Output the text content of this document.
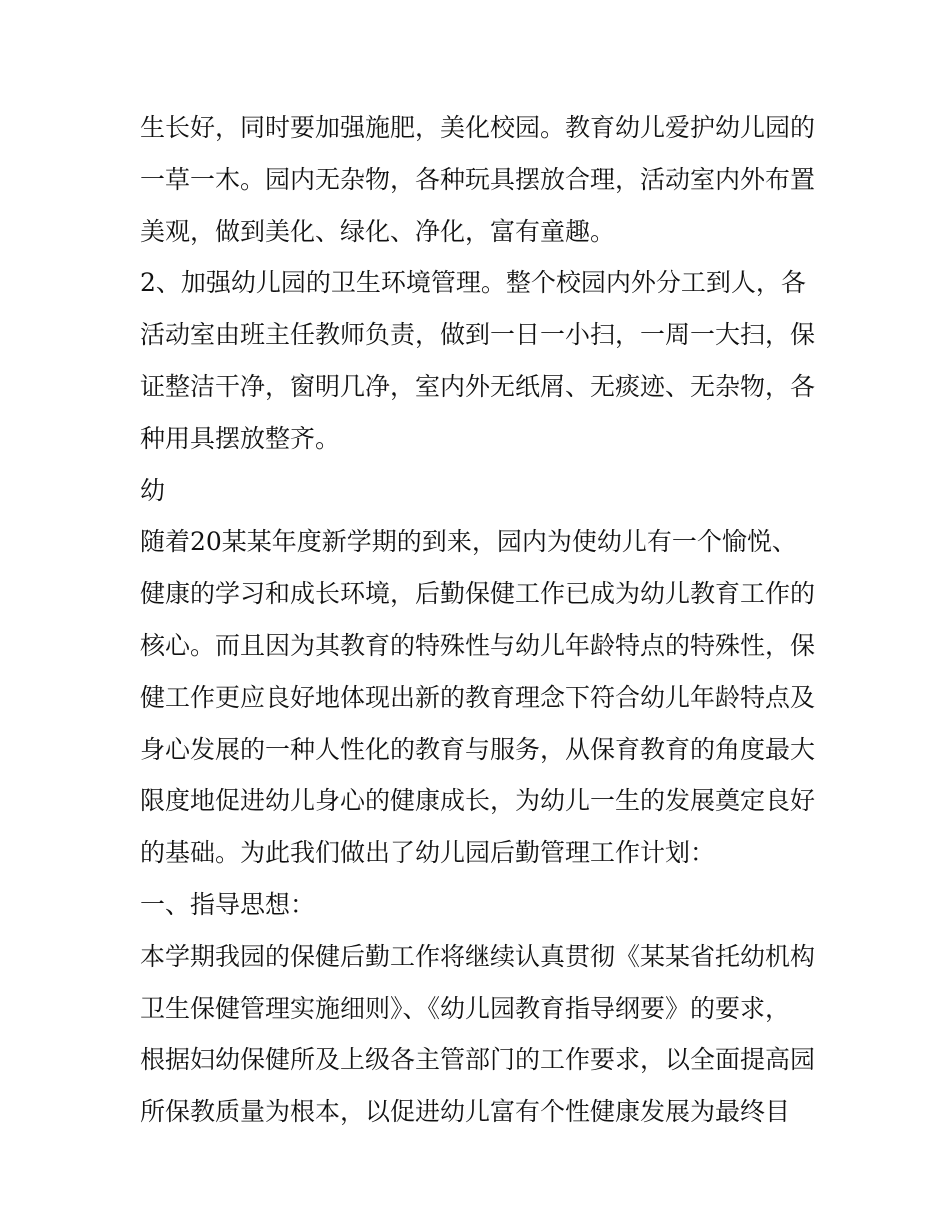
生长好，同时要加强施肥，美化校园。教育幼儿爱护幼儿园的
一草一木。园内无杂物，各种玩具摆放合理，活动室内外布置
美观，做到美化、绿化、净化，富有童趣。
2、加强幼儿园的卫生环境管理。整个校园内外分工到人，各
活动室由班主任教师负责，做到一日一小扫，一周一大扫，保
证整洁干净，窗明几净，室内外无纸屑、无痰迹、无杂物，各
种用具摆放整齐。
幼
随着20某某年度新学期的到来，园内为使幼儿有一个愉悦、
健康的学习和成长环境，后勤保健工作已成为幼儿教育工作的
核心。而且因为其教育的特殊性与幼儿年龄特点的特殊性，保
健工作更应良好地体现出新的教育理念下符合幼儿年龄特点及
身心发展的一种人性化的教育与服务，从保育教育的角度最大
限度地促进幼儿身心的健康成长，为幼儿一生的发展奠定良好
的基础。为此我们做出了幼儿园后勤管理工作计划：
一、指导思想：
本学期我园的保健后勤工作将继续认真贯彻《某某省托幼机构
卫生保健管理实施细则》、《幼儿园教育指导纲要》的要求，
根据妇幼保健所及上级各主管部门的工作要求，以全面提高园
所保教质量为根本，以促进幼儿富有个性健康发展为最终目
